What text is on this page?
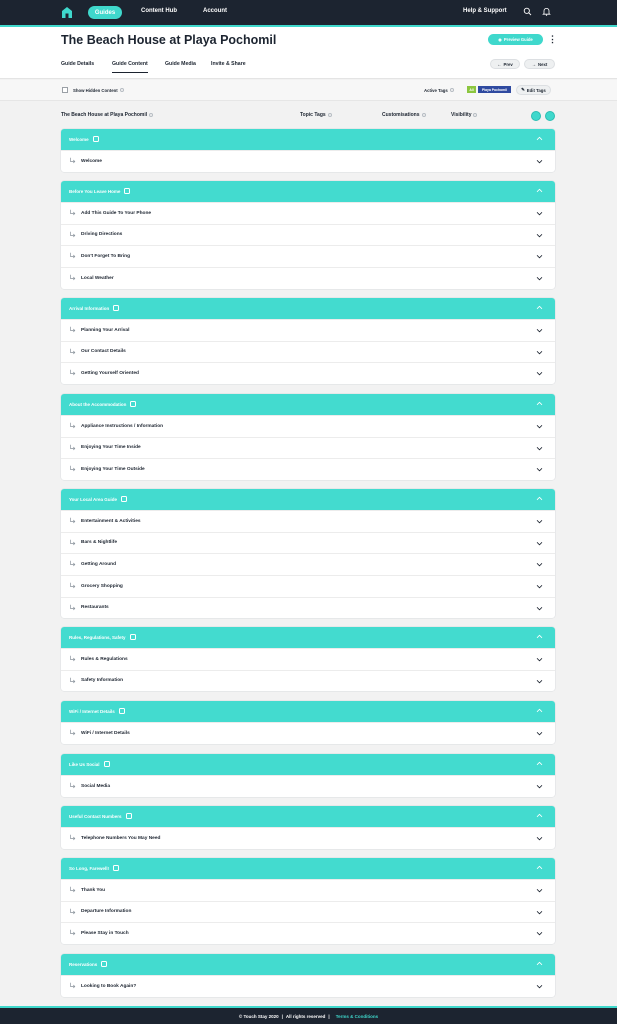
Guides	Content Hub	Account	Help & Support
The Beach House at Playa Pochomil	◉ Preview Guide ⋮
Guide Details	Guide Content	Guide Media	Invite & Share	← Prev	→ Next
Show Hidden Content	Active Tags	All	Playa Pochomil	✎ Edit Tags
The Beach House at Playa Pochomil	Topic Tags	Customisations	Visibility
Welcome
Welcome
Before You Leave Home
Add This Guide To Your Phone
Driving Directions
Don't Forget To Bring
Local Weather
Arrival Information
Planning Your Arrival
Our Contact Details
Getting Yourself Oriented
About the Accommodation
Appliance Instructions / Information
Enjoying Your Time Inside
Enjoying Your Time Outside
Your Local Area Guide
Entertainment & Activities
Bars & Nightlife
Getting Around
Grocery Shopping
Restaurants
Rules, Regulations, Safety
Rules & Regulations
Safety Information
WiFi / Internet Details
WiFi / Internet Details
Like Us Social
Social Media
Useful Contact Numbers
Telephone Numbers You May Need
So Long, Farewell!
Thank You
Departure Information
Please Stay in Touch
Reservations
Looking to Book Again?
© Touch Stay 2020 | All rights reserved | Terms & Conditions
